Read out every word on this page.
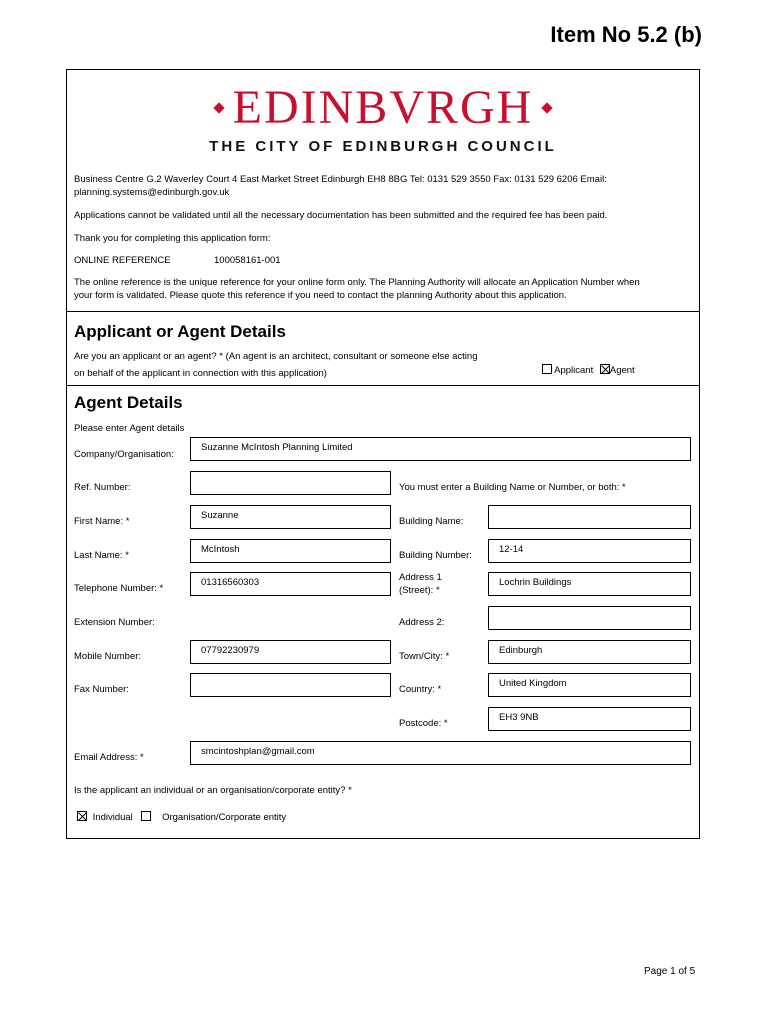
Item No 5.2 (b)
EDINBVRGH
THE CITY OF EDINBURGH COUNCIL
Business Centre G.2 Waverley Court 4 East Market Street Edinburgh EH8 8BG Tel: 0131 529 3550 Fax: 0131 529 6206 Email:
planning.systems@edinburgh.gov.uk
Applications cannot be validated until all the necessary documentation has been submitted and the required fee has been paid.
Thank you for completing this application form:
ONLINE REFERENCE	100058161-001
The online reference is the unique reference for your online form only. The Planning Authority will allocate an Application Number when
your form is validated. Please quote this reference if you need to contact the planning Authority about this application.
Applicant or Agent Details
Are you an applicant or an agent? * (An agent is an architect, consultant or someone else acting
on behalf of the applicant in connection with this application)	Applicant Agent
Agent Details
Please enter Agent details
Company/Organisation:
Suzanne McIntosh Planning Limited
Ref. Number:	You must enter a Building Name or Number, or both: *
First Name: *
Suzanne
Building Name:
Last Name: *
McIntosh
Building Number:
12-14
Telephone Number: *
01316560303	Address 1
(Street): *
Lochrin Buildings
Extension Number:	Address 2:
Mobile Number:
07792230979
Town/City: *
Edinburgh
Fax Number:	Country: *
United Kingdom
Postcode: *
EH3 9NB
Email Address: *
smcintoshplan@gmail.com
Is the applicant an individual or an organisation/corporate entity? *
Individual	Organisation/Corporate entity
Page 1 of 5
